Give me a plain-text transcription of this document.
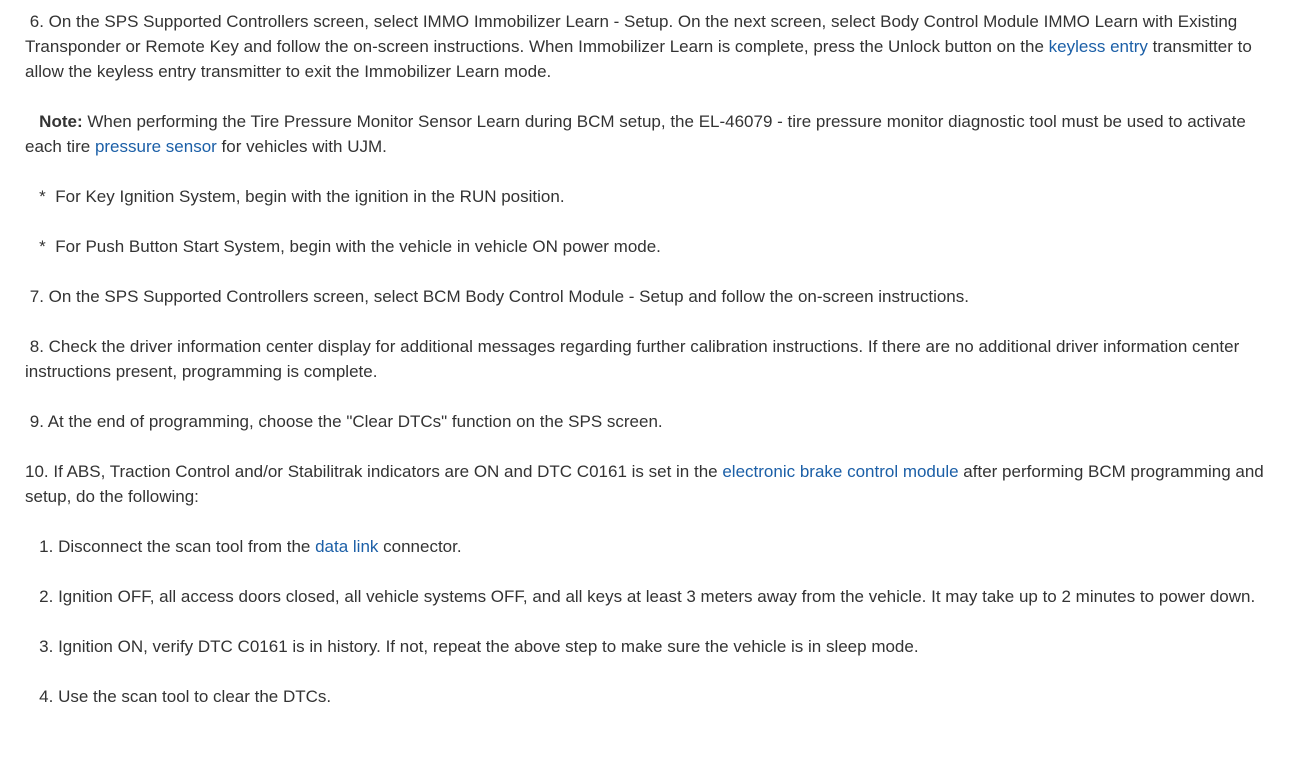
6. On the SPS Supported Controllers screen, select IMMO Immobilizer Learn - Setup. On the next screen, select Body Control Module IMMO Learn with Existing Transponder or Remote Key and follow the on-screen instructions. When Immobilizer Learn is complete, press the Unlock button on the keyless entry transmitter to allow the keyless entry transmitter to exit the Immobilizer Learn mode.

Note: When performing the Tire Pressure Monitor Sensor Learn during BCM setup, the EL-46079 - tire pressure monitor diagnostic tool must be used to activate each tire pressure sensor for vehicles with UJM.

*  For Key Ignition System, begin with the ignition in the RUN position.

*  For Push Button Start System, begin with the vehicle in vehicle ON power mode.

7. On the SPS Supported Controllers screen, select BCM Body Control Module - Setup and follow the on-screen instructions.

8. Check the driver information center display for additional messages regarding further calibration instructions. If there are no additional driver information center instructions present, programming is complete.

9. At the end of programming, choose the "Clear DTCs" function on the SPS screen.

10. If ABS, Traction Control and/or Stabilitrak indicators are ON and DTC C0161 is set in the electronic brake control module after performing BCM programming and setup, do the following:

1. Disconnect the scan tool from the data link connector.

2. Ignition OFF, all access doors closed, all vehicle systems OFF, and all keys at least 3 meters away from the vehicle. It may take up to 2 minutes to power down.

3. Ignition ON, verify DTC C0161 is in history. If not, repeat the above step to make sure the vehicle is in sleep mode.

4. Use the scan tool to clear the DTCs.
